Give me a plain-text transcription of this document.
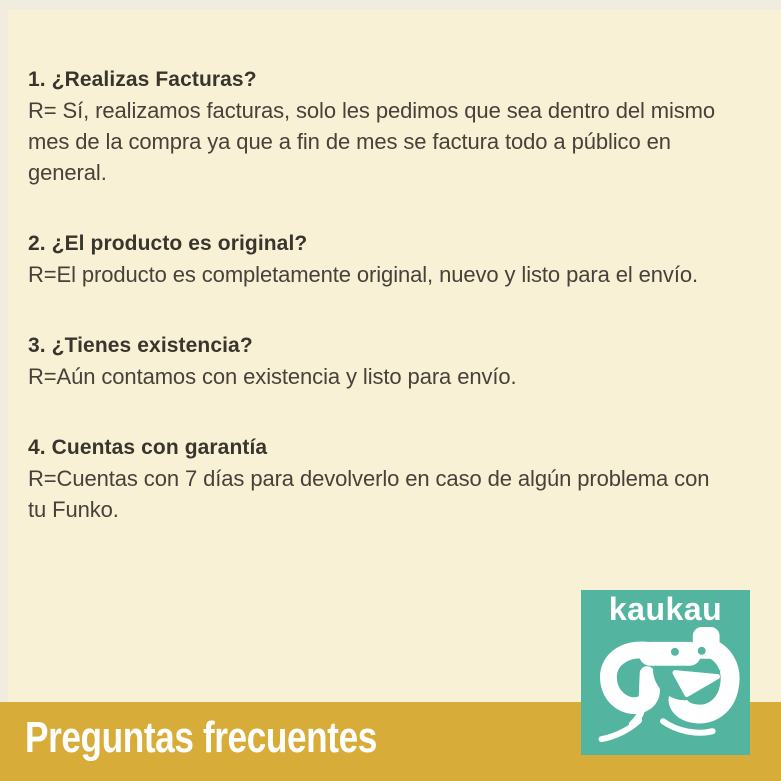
1. ¿Realizas Facturas?
R= Sí, realizamos facturas, solo les pedimos que sea dentro del mismo mes de la compra ya que a fin de mes se factura todo a público en general.
2. ¿El producto es original?
R=El producto es completamente original, nuevo y listo para el envío.
3. ¿Tienes existencia?
R=Aún contamos con existencia y listo para envío.
4. Cuentas con garantía
R=Cuentas con 7 días para devolverlo en caso de algún problema con tu Funko.
Preguntas frecuentes
kaukau
